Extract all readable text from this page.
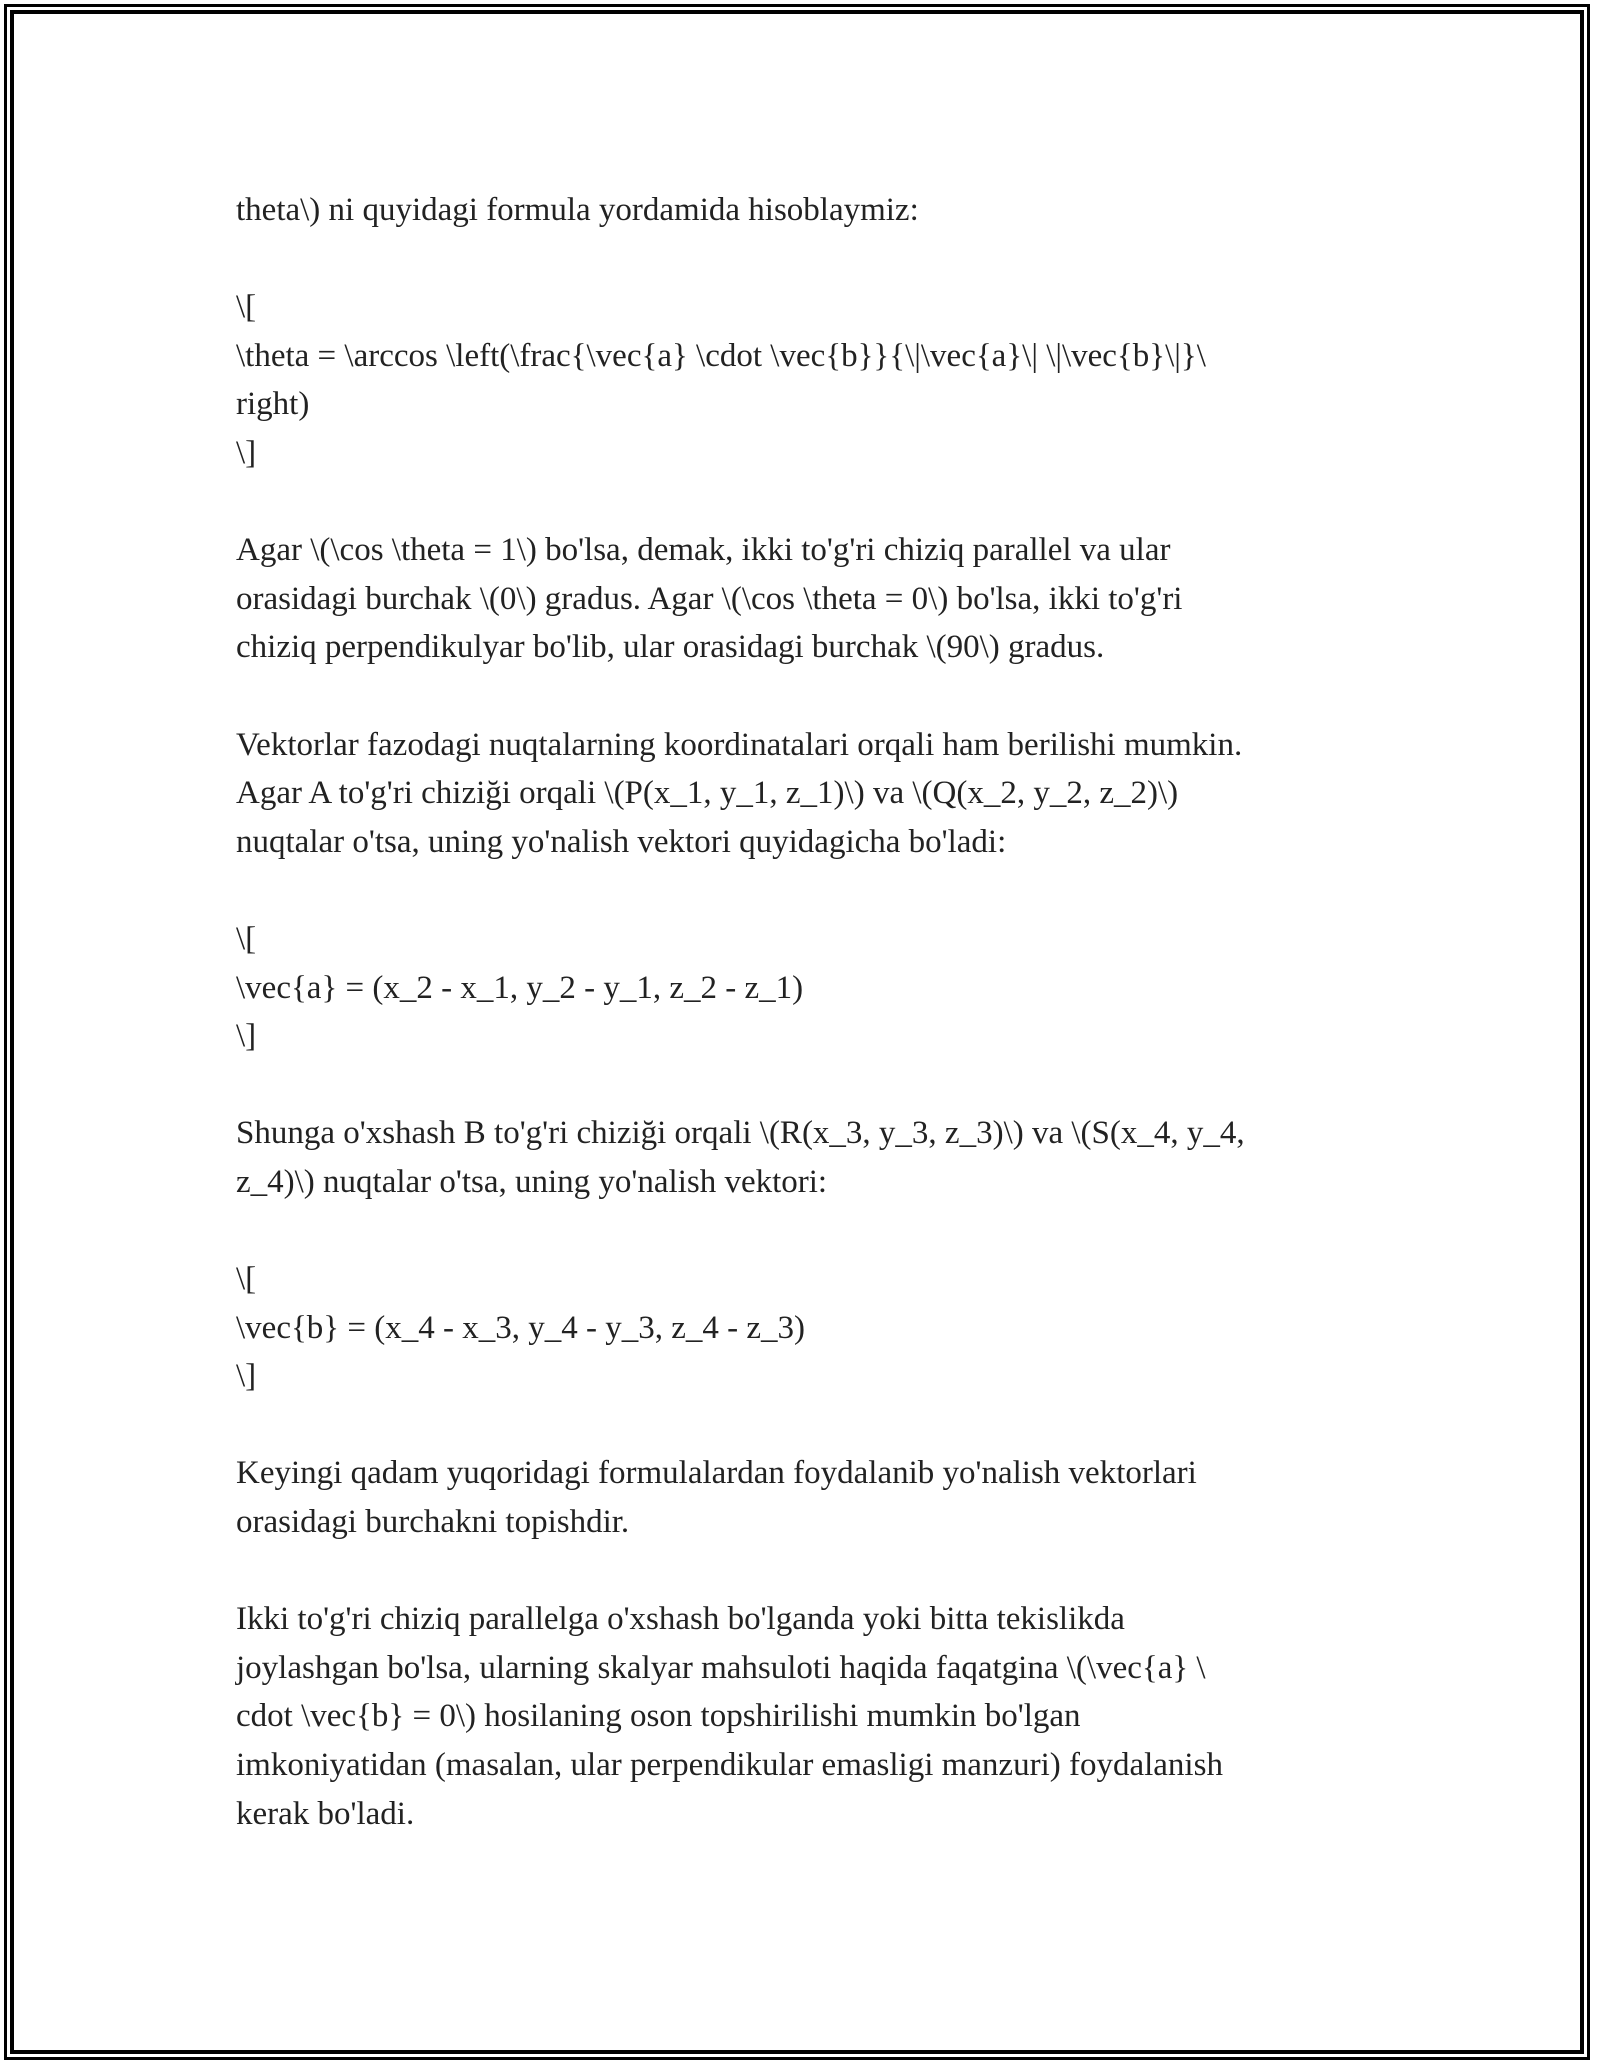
theta\) ni quyidagi formula yordamida hisoblaymiz:
\[
\theta = \arccos \left(\frac{\vec{a} \cdot \vec{b}}{\|\vec{a}\| \|\vec{b}\|}\
right)
\]
Agar \(\cos \theta = 1\) bo'lsa, demak, ikki to'g'ri chiziq parallel va ular
orasidagi burchak \(0\) gradus. Agar \(\cos \theta = 0\) bo'lsa, ikki to'g'ri
chiziq perpendikulyar bo'lib, ular orasidagi burchak \(90\) gradus.
Vektorlar fazodagi nuqtalarning koordinatalari orqali ham berilishi mumkin.
Agar A to'g'ri chiziği orqali \(P(x_1, y_1, z_1)\) va \(Q(x_2, y_2, z_2)\)
nuqtalar o'tsa, uning yo'nalish vektori quyidagicha bo'ladi:
\[
\vec{a} = (x_2 - x_1, y_2 - y_1, z_2 - z_1)
\]
Shunga o'xshash B to'g'ri chiziği orqali \(R(x_3, y_3, z_3)\) va \(S(x_4, y_4,
z_4)\) nuqtalar o'tsa, uning yo'nalish vektori:
\[
\vec{b} = (x_4 - x_3, y_4 - y_3, z_4 - z_3)
\]
Keyingi qadam yuqoridagi formulalardan foydalanib yo'nalish vektorlari
orasidagi burchakni topishdir.
Ikki to'g'ri chiziq parallelga o'xshash bo'lganda yoki bitta tekislikda
joylashgan bo'lsa, ularning skalyar mahsuloti haqida faqatgina \(\vec{a} \
cdot \vec{b} = 0\) hosilaning oson topshirilishi mumkin bo'lgan
imkoniyatidan (masalan, ular perpendikular emasligi manzuri) foydalanish
kerak bo'ladi.
